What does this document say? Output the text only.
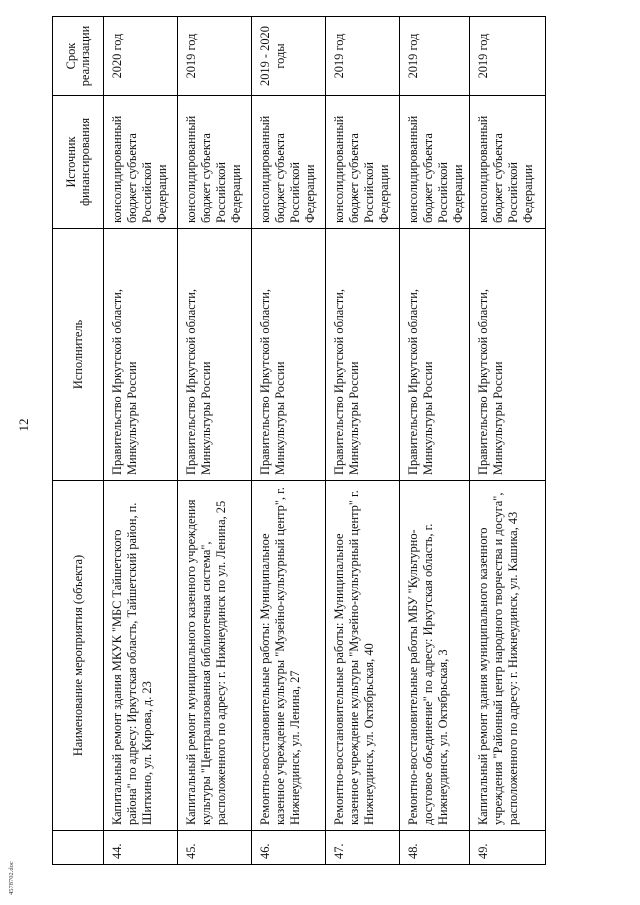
12
4578702.doc
	Наименование мероприятия (объекта)	Исполнитель	Источник финансирования	Срок реализации
44.	Капитальный ремонт здания МКУК "МБС Тайшетского района" по адресу: Иркутская область, Тайшетский район, п. Шиткино, ул. Кирова, д. 23	Правительство Иркутской области, Минкультуры России	консолидированный бюджет субъекта Российской Федерации	2020 год
45.	Капитальный ремонт муниципального казенного учреждения культуры "Централизованная библиотечная система", расположенного по адресу: г. Нижнеудинск по ул. Ленина, 25	Правительство Иркутской области, Минкультуры России	консолидированный бюджет субъекта Российской Федерации	2019 год
46.	Ремонтно-восстановительные работы: Муниципальное казенное учреждение культуры "Музейно-культурный центр", г. Нижнеудинск, ул. Ленина, 27	Правительство Иркутской области, Минкультуры России	консолидированный бюджет субъекта Российской Федерации	2019 - 2020 годы
47.	Ремонтно-восстановительные работы: Муниципальное казенное учреждение культуры "Музейно-культурный центр" г. Нижнеудинск, ул. Октябрьская, 40	Правительство Иркутской области, Минкультуры России	консолидированный бюджет субъекта Российской Федерации	2019 год
48.	Ремонтно-восстановительные работы МБУ "Культурно-досуговое объединение" по адресу: Иркутская область, г. Нижнеудинск, ул. Октябрьская, 3	Правительство Иркутской области, Минкультуры России	консолидированный бюджет субъекта Российской Федерации	2019 год
49.	Капитальный ремонт здания муниципального казенного учреждения "Районный центр народного творчества и досуга", расположенного по адресу: г. Нижнеудинск, ул. Кашика, 43	Правительство Иркутской области, Минкультуры России	консолидированный бюджет субъекта Российской Федерации	2019 год
